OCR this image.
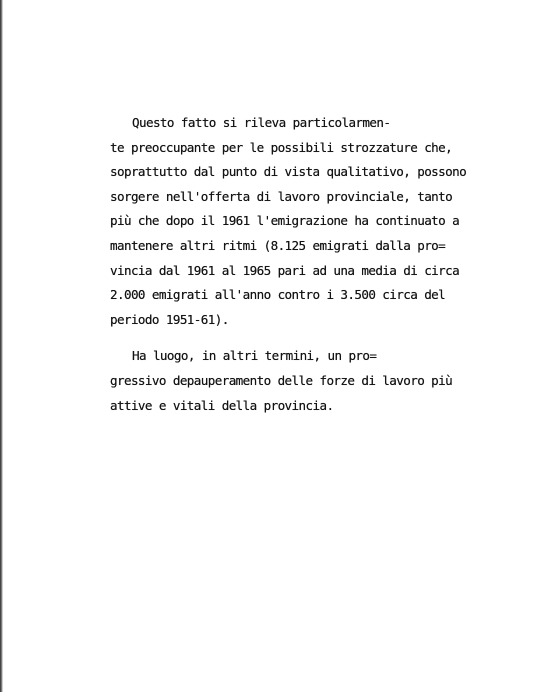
Questo fatto si rileva particolarmen-
te preoccupante per le possibili strozzature che,
soprattutto dal punto di vista qualitativo, possono
sorgere nell'offerta di lavoro provinciale, tanto
più che dopo il 1961 l'emigrazione ha continuato a
mantenere altri ritmi (8.125 emigrati dalla pro=
vincia dal 1961 al 1965 pari ad una media di circa
2.000 emigrati all'anno contro i 3.500 circa del
periodo 1951-61).
Ha luogo, in altri termini, un pro=
gressivo depauperamento delle forze di lavoro più
attive e vitali della provincia.
